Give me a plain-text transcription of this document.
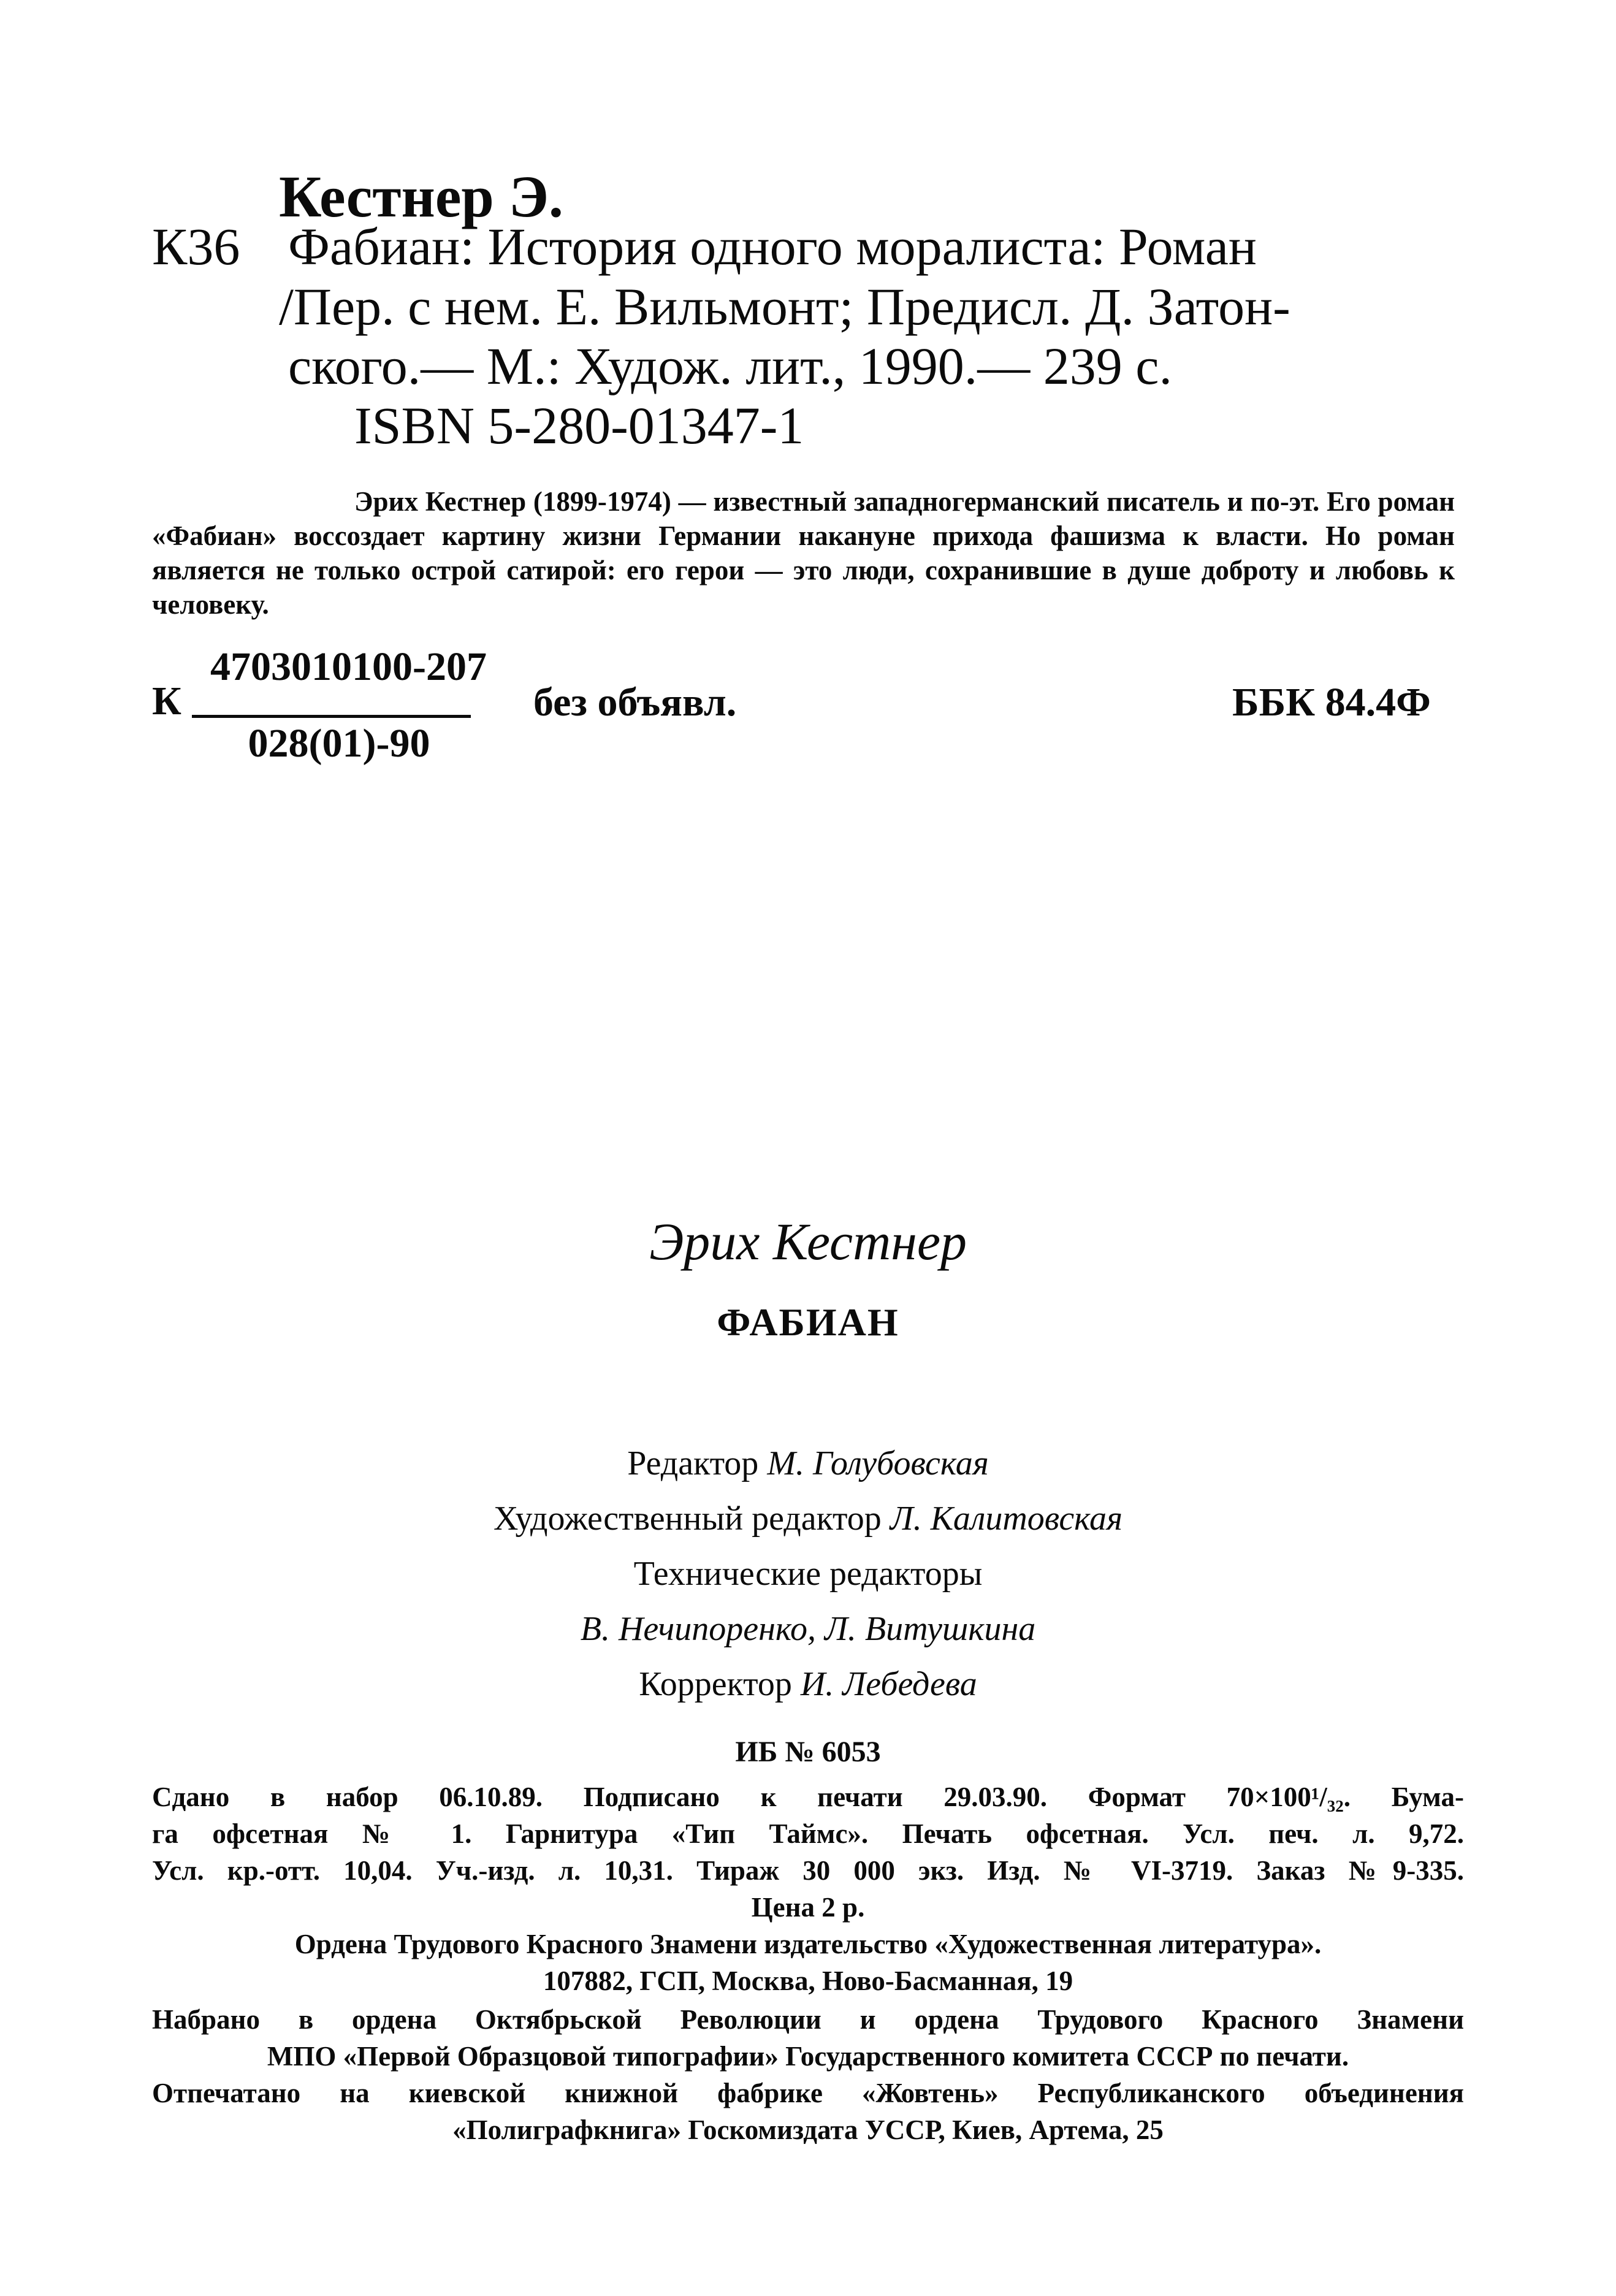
Кестнер Э.
К36 Фабиан: История одного моралиста: Роман
/Пер. с нем. Е. Вильмонт; Предисл. Д. Затон-
ского.— М.: Худож. лит., 1990.— 239 с.
ISBN 5-280-01347-1
Эрих Кестнер (1899-1974) — известный западногерманский писатель и по-эт. Его роман «Фабиан» воссоздает картину жизни Германии накануне прихода фашизма к власти. Но роман является не только острой сатирой: его герои — это люди, сохранившие в душе доброту и любовь к человеку.
К
4703010100-207
028(01)-90
без объявл.	ББК 84.4Ф
Эрих Кестнер
ФАБИАН
Редактор М. Голубовская
Художественный редактор Л. Калитовская
Технические редакторы
В. Нечипоренко, Л. Витушкина
Корректор И. Лебедева
ИБ № 6053
Сдано в набор 06.10.89. Подписано к печати 29.03.90. Формат 70×100¹/₃₂. Бума-
га офсетная № 1. Гарнитура «Тип Таймс». Печать офсетная. Усл. печ. л. 9,72.
Усл. кр.-отт. 10,04. Уч.-изд. л. 10,31. Тираж 30 000 экз. Изд. № VI-3719. Заказ №9-335.
Цена 2 р.
Ордена Трудового Красного Знамени издательство «Художественная литература».
107882, ГСП, Москва, Ново-Басманная, 19
Набрано в ордена Октябрьской Революции и ордена Трудового Красного Знамени
МПО «Первой Образцовой типографии» Государственного комитета СССР по печати.
Отпечатано на киевской книжной фабрике «Жовтень» Республиканского объединения
«Полиграфкнига» Госкомиздата УССР, Киев, Артема, 25
